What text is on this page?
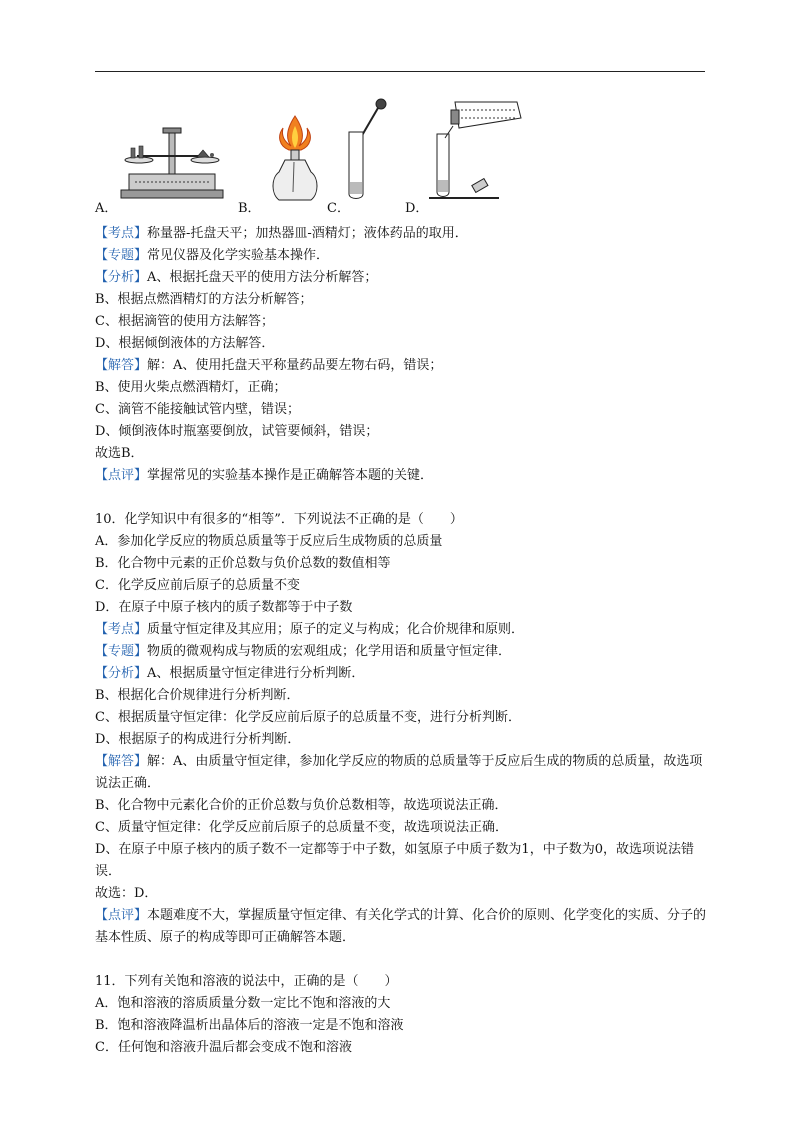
A．	B．	C．	D．
【考点】称量器-托盘天平；加热器皿-酒精灯；液体药品的取用．
【专题】常见仪器及化学实验基本操作．
【分析】A、根据托盘天平的使用方法分析解答；
B、根据点燃酒精灯的方法分析解答；
C、根据滴管的使用方法解答；
D、根据倾倒液体的方法解答．
【解答】解：A、使用托盘天平称量药品要左物右码，错误；
B、使用火柴点燃酒精灯，正确；
C、滴管不能接触试管内壁，错误；
D、倾倒液体时瓶塞要倒放，试管要倾斜，错误；
故选B．
【点评】掌握常见的实验基本操作是正确解答本题的关键．
10．化学知识中有很多的“相等”．下列说法不正确的是（　　）
A．参加化学反应的物质总质量等于反应后生成物质的总质量
B．化合物中元素的正价总数与负价总数的数值相等
C．化学反应前后原子的总质量不变
D．在原子中原子核内的质子数都等于中子数
【考点】质量守恒定律及其应用；原子的定义与构成；化合价规律和原则．
【专题】物质的微观构成与物质的宏观组成；化学用语和质量守恒定律．
【分析】A、根据质量守恒定律进行分析判断．
B、根据化合价规律进行分析判断．
C、根据质量守恒定律：化学反应前后原子的总质量不变，进行分析判断．
D、根据原子的构成进行分析判断．
【解答】解：A、由质量守恒定律，参加化学反应的物质的总质量等于反应后生成的物质的总质量，故选项说法正确．
B、化合物中元素化合价的正价总数与负价总数相等，故选项说法正确．
C、质量守恒定律：化学反应前后原子的总质量不变，故选项说法正确．
D、在原子中原子核内的质子数不一定都等于中子数，如氢原子中质子数为1，中子数为0，故选项说法错误．
故选：D．
【点评】本题难度不大，掌握质量守恒定律、有关化学式的计算、化合价的原则、化学变化的实质、分子的基本性质、原子的构成等即可正确解答本题．
11．下列有关饱和溶液的说法中，正确的是（　　）
A．饱和溶液的溶质质量分数一定比不饱和溶液的大
B．饱和溶液降温析出晶体后的溶液一定是不饱和溶液
C．任何饱和溶液升温后都会变成不饱和溶液
